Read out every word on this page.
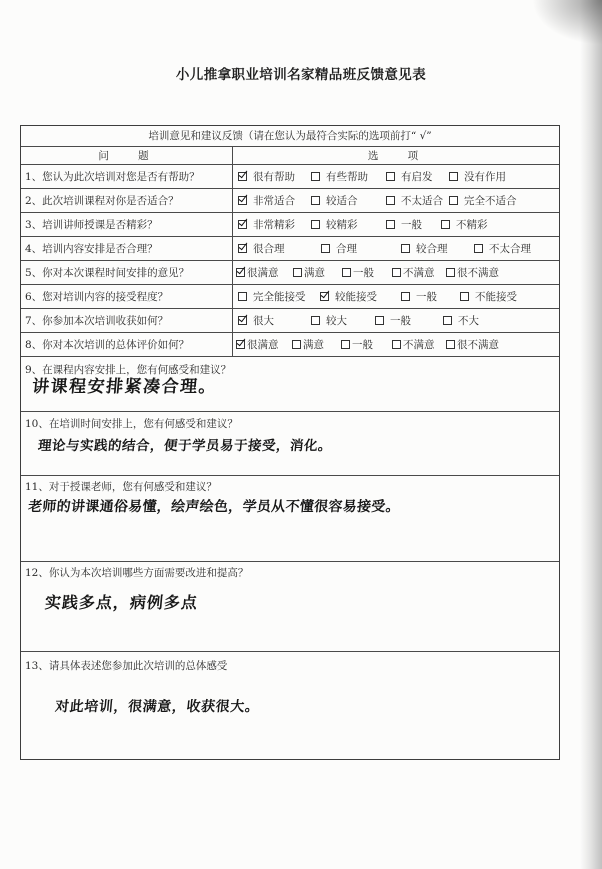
小儿推拿职业培训名家精品班反馈意见表
培训意见和建议反馈（请在您认为最符合实际的选项前打“ √”
问 题	选 项
1、您认为此次培训对您是否有帮助？	很有帮助	有些帮助	有启发	没有作用
2、此次培训课程对你是否适合？	非常适合	较适合	不太适合 完全不适合
3、培训讲师授课是否精彩？	非常精彩	较精彩	一般	不精彩
4、培训内容安排是否合理？	很合理	合理	较合理	不太合理
5、你对本次课程时间安排的意见？	很满意 满意	一般	不满意 很不满意
6、您对培训内容的接受程度？	完全能接受	较能接受	一般	不能接受
7、你参加本次培训收获如何？	很大	较大	一般	不大
8、你对本次培训的总体评价如何？	很满意 满意	一般	不满意 很不满意
9、在课程内容安排上，您有何感受和建议？
讲课程安排紧凑合理。
10、在培训时间安排上，您有何感受和建议？
理论与实践的结合，便于学员易于接受，消化。
11、对于授课老师，您有何感受和建议？
老师的讲课通俗易懂，绘声绘色，学员从不懂很容易接受。
12、你认为本次培训哪些方面需要改进和提高？
实践多点，病例多点
13、请具体表述您参加此次培训的总体感受
对此培训，很满意，收获很大。
